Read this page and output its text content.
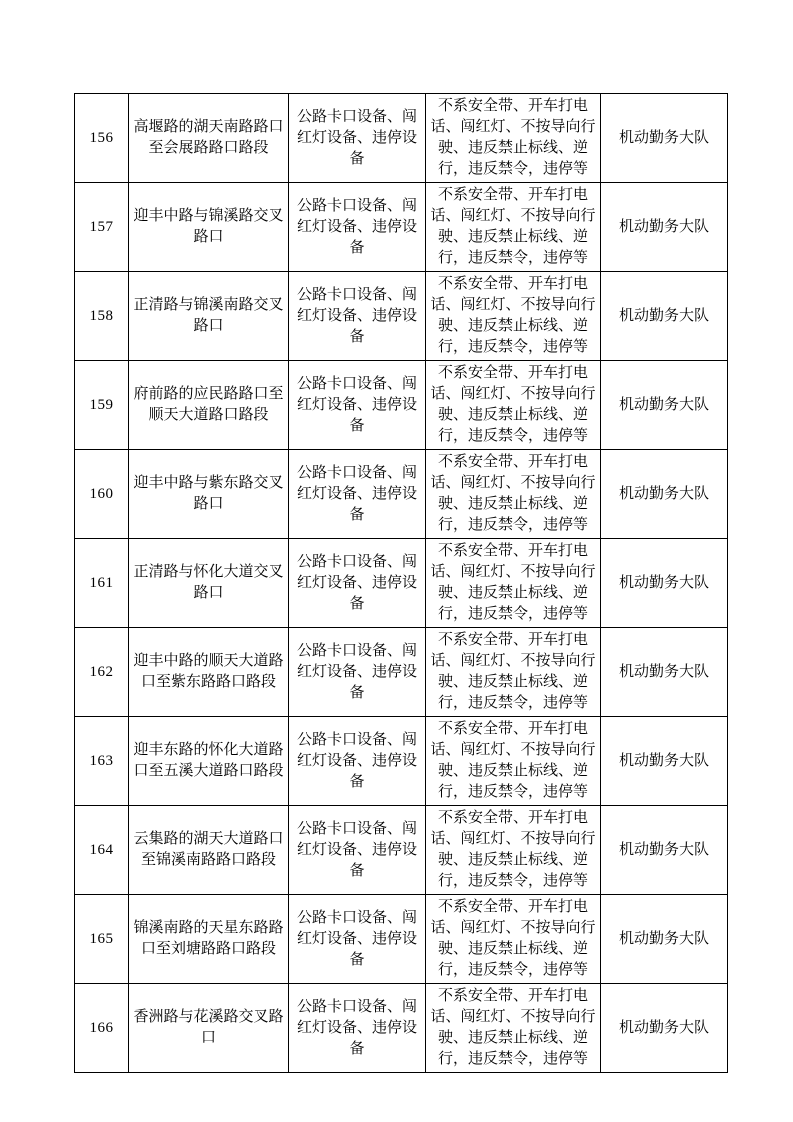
156	高堰路的湖天南路路口至会展路路口路段	公路卡口设备、闯红灯设备、违停设备	不系安全带、开车打电话、闯红灯、不按导向行驶、违反禁止标线、逆行，违反禁令，违停等	机动勤务大队
157	迎丰中路与锦溪路交叉路口	公路卡口设备、闯红灯设备、违停设备	不系安全带、开车打电话、闯红灯、不按导向行驶、违反禁止标线、逆行，违反禁令，违停等	机动勤务大队
158	正清路与锦溪南路交叉路口	公路卡口设备、闯红灯设备、违停设备	不系安全带、开车打电话、闯红灯、不按导向行驶、违反禁止标线、逆行，违反禁令，违停等	机动勤务大队
159	府前路的应民路路口至顺天大道路口路段	公路卡口设备、闯红灯设备、违停设备	不系安全带、开车打电话、闯红灯、不按导向行驶、违反禁止标线、逆行，违反禁令，违停等	机动勤务大队
160	迎丰中路与紫东路交叉路口	公路卡口设备、闯红灯设备、违停设备	不系安全带、开车打电话、闯红灯、不按导向行驶、违反禁止标线、逆行，违反禁令，违停等	机动勤务大队
161	正清路与怀化大道交叉路口	公路卡口设备、闯红灯设备、违停设备	不系安全带、开车打电话、闯红灯、不按导向行驶、违反禁止标线、逆行，违反禁令，违停等	机动勤务大队
162	迎丰中路的顺天大道路口至紫东路路口路段	公路卡口设备、闯红灯设备、违停设备	不系安全带、开车打电话、闯红灯、不按导向行驶、违反禁止标线、逆行，违反禁令，违停等	机动勤务大队
163	迎丰东路的怀化大道路口至五溪大道路口路段	公路卡口设备、闯红灯设备、违停设备	不系安全带、开车打电话、闯红灯、不按导向行驶、违反禁止标线、逆行，违反禁令，违停等	机动勤务大队
164	云集路的湖天大道路口至锦溪南路路口路段	公路卡口设备、闯红灯设备、违停设备	不系安全带、开车打电话、闯红灯、不按导向行驶、违反禁止标线、逆行，违反禁令，违停等	机动勤务大队
165	锦溪南路的天星东路路口至刘塘路路口路段	公路卡口设备、闯红灯设备、违停设备	不系安全带、开车打电话、闯红灯、不按导向行驶、违反禁止标线、逆行，违反禁令，违停等	机动勤务大队
166	香洲路与花溪路交叉路口	公路卡口设备、闯红灯设备、违停设备	不系安全带、开车打电话、闯红灯、不按导向行驶、违反禁止标线、逆行，违反禁令，违停等	机动勤务大队
